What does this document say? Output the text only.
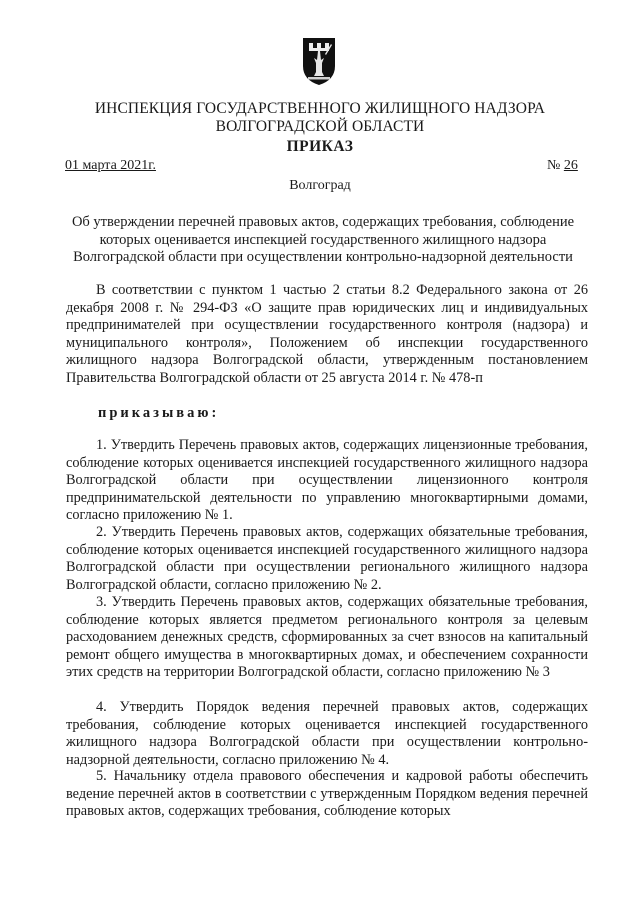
ИНСПЕКЦИЯ ГОСУДАРСТВЕННОГО ЖИЛИЩНОГО НАДЗОРА
ВОЛГОГРАДСКОЙ ОБЛАСТИ
ПРИКАЗ
01 марта 2021г.	№ 26
Волгоград
Об утверждении перечней правовых актов, содержащих требования, соблюдение которых оценивается инспекцией государственного жилищного надзора Волгоградской области при осуществлении контрольно-надзорной деятельности
В соответствии с пунктом 1 частью 2 статьи 8.2 Федерального закона от 26 декабря 2008 г. № 294-ФЗ «О защите прав юридических лиц и индивидуальных предпринимателей при осуществлении государственного контроля (надзора) и муниципального контроля», Положением об инспекции государственного жилищного надзора Волгоградской области, утвержденным постановлением Правительства Волгоградской области от 25 августа 2014 г. № 478-п
приказываю:
1. Утвердить Перечень правовых актов, содержащих лицензионные требования, соблюдение которых оценивается инспекцией государственного жилищного надзора Волгоградской области при осуществлении лицензионного контроля предпринимательской деятельности по управлению многоквартирными домами, согласно приложению № 1.
2. Утвердить Перечень правовых актов, содержащих обязательные требования, соблюдение которых оценивается инспекцией государственного жилищного надзора Волгоградской области при осуществлении регионального жилищного надзора Волгоградской области, согласно приложению № 2.
3. Утвердить Перечень правовых актов, содержащих обязательные требования, соблюдение которых является предметом регионального контроля за целевым расходованием денежных средств, сформированных за счет взносов на капитальный ремонт общего имущества в многоквартирных домах, и обеспечением сохранности этих средств на территории Волгоградской области, согласно приложению № 3
4. Утвердить Порядок ведения перечней правовых актов, содержащих требования, соблюдение которых оценивается инспекцией государственного жилищного надзора Волгоградской области при осуществлении контрольно-надзорной деятельности, согласно приложению № 4.
5. Начальнику отдела правового обеспечения и кадровой работы обеспечить ведение перечней актов в соответствии с утвержденным Порядком ведения перечней правовых актов, содержащих требования, соблюдение которых
